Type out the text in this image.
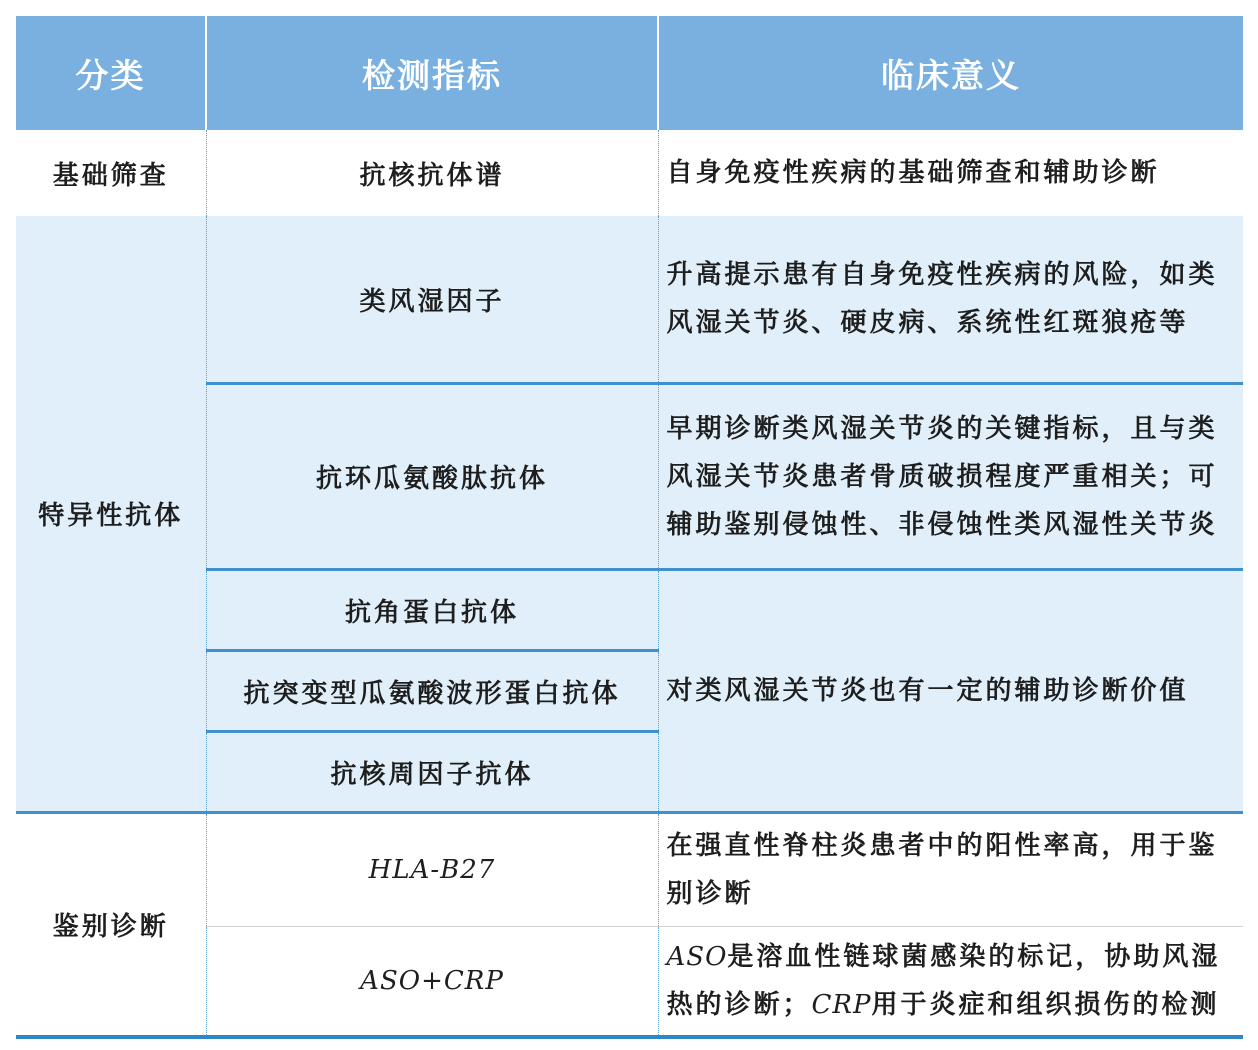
分类	检测指标	临床意义
基础筛查	抗核抗体谱	自身免疫性疾病的基础筛查和辅助诊断
特异性抗体	类风湿因子	升高提示患有自身免疫性疾病的风险，如类风湿关节炎、硬皮病、系统性红斑狼疮等
	抗环瓜氨酸肽抗体	早期诊断类风湿关节炎的关键指标，且与类风湿关节炎患者骨质破损程度严重相关；可辅助鉴别侵蚀性、非侵蚀性类风湿性关节炎
	抗角蛋白抗体	对类风湿关节炎也有一定的辅助诊断价值
	抗突变型瓜氨酸波形蛋白抗体	
	抗核周因子抗体	
鉴别诊断	HLA-B27	在强直性脊柱炎患者中的阳性率高，用于鉴别诊断
	ASO+CRP	ASO是溶血性链球菌感染的标记，协助风湿热的诊断；CRP用于炎症和组织损伤的检测
